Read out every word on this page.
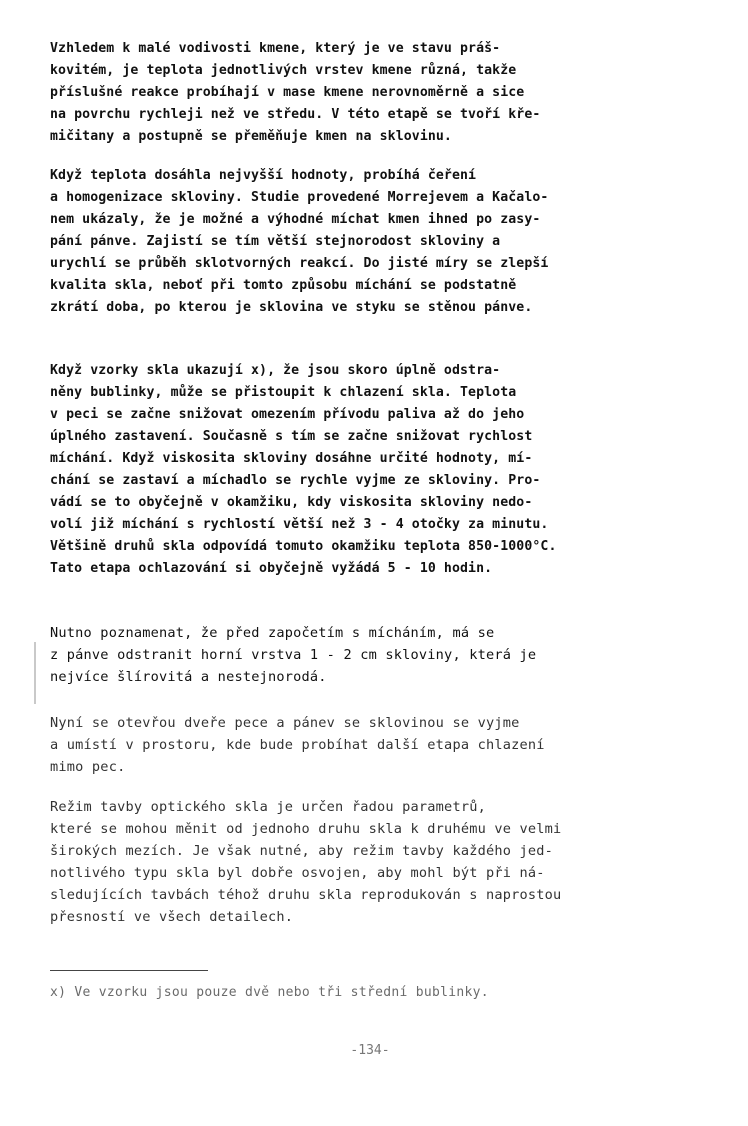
Vzhledem k malé vodivosti kmene, který je ve stavu práš-
kovitém, je teplota jednotlivých vrstev kmene různá, takže
příslušné reakce probíhají v mase kmene nerovnoměrně a sice
na povrchu rychleji než ve středu. V této etapě se tvoří kře-
mičitany a postupně se přeměňuje kmen na sklovinu.
Když teplota dosáhla nejvyšší hodnoty, probíhá čeření
a homogenizace skloviny. Studie provedené Morrejevem a Kačalo-
nem ukázaly, že je možné a výhodné míchat kmen ihned po zasy-
pání pánve. Zajistí se tím větší stejnorodost skloviny a
urychlí se průběh sklotvorných reakcí. Do jisté míry se zlepší
kvalita skla, neboť při tomto způsobu míchání se podstatně
zkrátí doba, po kterou je sklovina ve styku se stěnou pánve.
Když vzorky skla ukazují x), že jsou skoro úplně odstra-
něny bublinky, může se přistoupit k chlazení skla. Teplota
v peci se začne snižovat omezením přívodu paliva až do jeho
úplného zastavení. Současně s tím se začne snižovat rychlost
míchání. Když viskosita skloviny dosáhne určité hodnoty, mí-
chání se zastaví a míchadlo se rychle vyjme ze skloviny. Pro-
vádí se to obyčejně v okamžiku, kdy viskosita skloviny nedo-
volí již míchání s rychlostí větší než 3 - 4 otočky za minutu.
Většině druhů skla odpovídá tomuto okamžiku teplota 850-1000°C.
Tato etapa ochlazování si obyčejně vyžádá 5 - 10 hodin.
Nutno poznamenat, že před započetím s mícháním, má se
z pánve odstranit horní vrstva 1 - 2 cm skloviny, která je
nejvíce šlírovitá a nestejnorodá.
Nyní se otevřou dveře pece a pánev se sklovinou se vyjme
a umístí v prostoru, kde bude probíhat další etapa chlazení
mimo pec.
Režim tavby optického skla je určen řadou parametrů,
které se mohou měnit od jednoho druhu skla k druhému ve velmi
širokých mezích. Je však nutné, aby režim tavby každého jed-
notlivého typu skla byl dobře osvojen, aby mohl být při ná-
sledujících tavbách téhož druhu skla reprodukován s naprostou
přesností ve všech detailech.
x) Ve vzorku jsou pouze dvě nebo tři střední bublinky.
-134-
